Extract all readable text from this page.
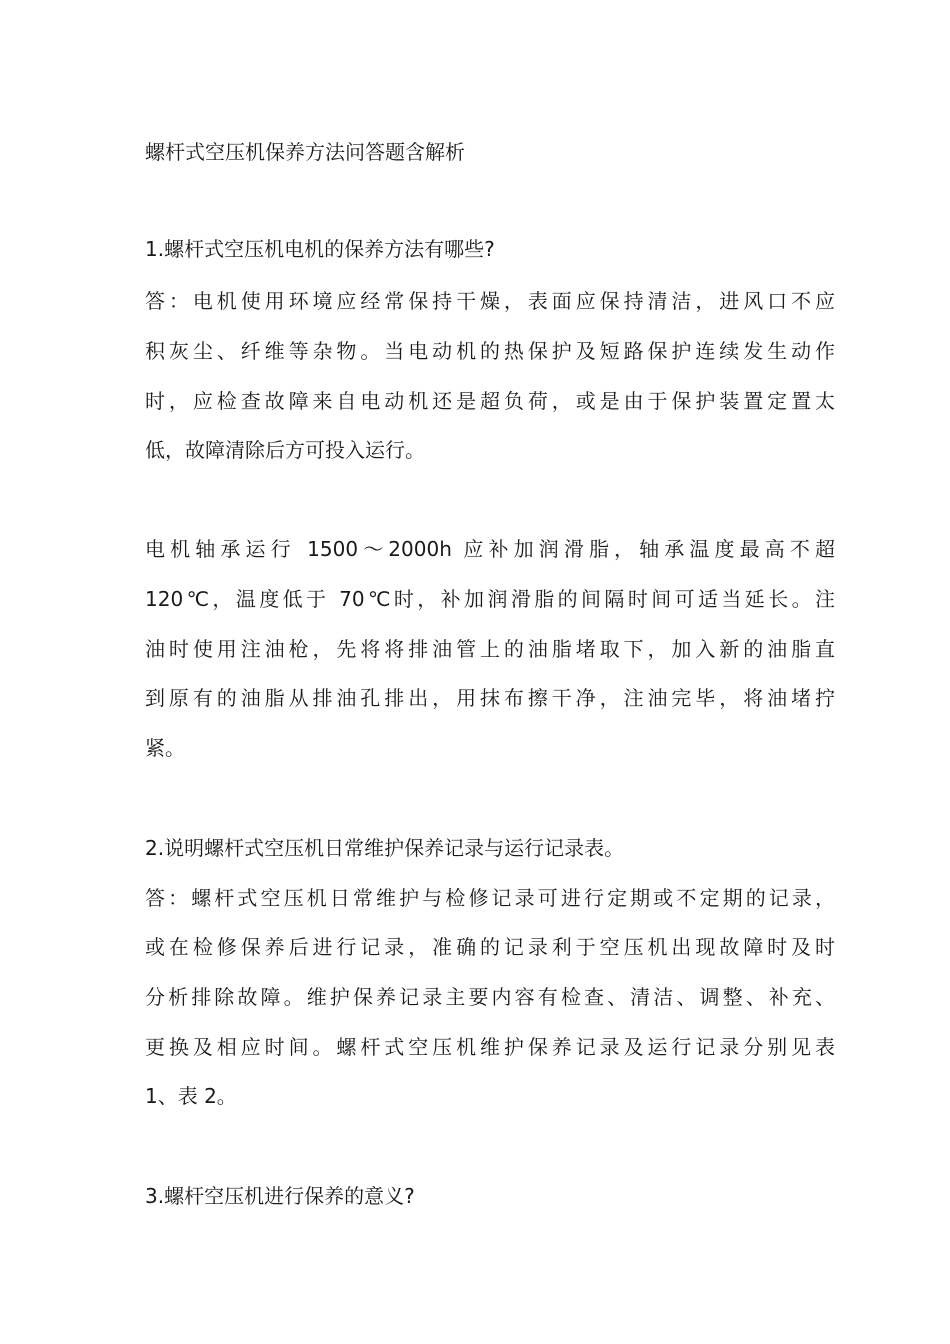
螺杆式空压机保养方法问答题含解析
1.螺杆式空压机电机的保养方法有哪些?
答：电机使用环境应经常保持干燥，表面应保持清洁，进风口不应
积灰尘、纤维等杂物。当电动机的热保护及短路保护连续发生动作
时，应检查故障来自电动机还是超负荷，或是由于保护装置定置太
低，故障清除后方可投入运行。
电机轴承运行 1500～2000h 应补加润滑脂，轴承温度最高不超
120℃，温度低于 70℃时，补加润滑脂的间隔时间可适当延长。注
油时使用注油枪，先将将排油管上的油脂堵取下，加入新的油脂直
到原有的油脂从排油孔排出，用抹布擦干净，注油完毕，将油堵拧
紧。
2.说明螺杆式空压机日常维护保养记录与运行记录表。
答：螺杆式空压机日常维护与检修记录可进行定期或不定期的记录，
或在检修保养后进行记录，准确的记录利于空压机出现故障时及时
分析排除故障。维护保养记录主要内容有检查、清洁、调整、补充、
更换及相应时间。螺杆式空压机维护保养记录及运行记录分别见表
1、表 2。
3.螺杆空压机进行保养的意义?
